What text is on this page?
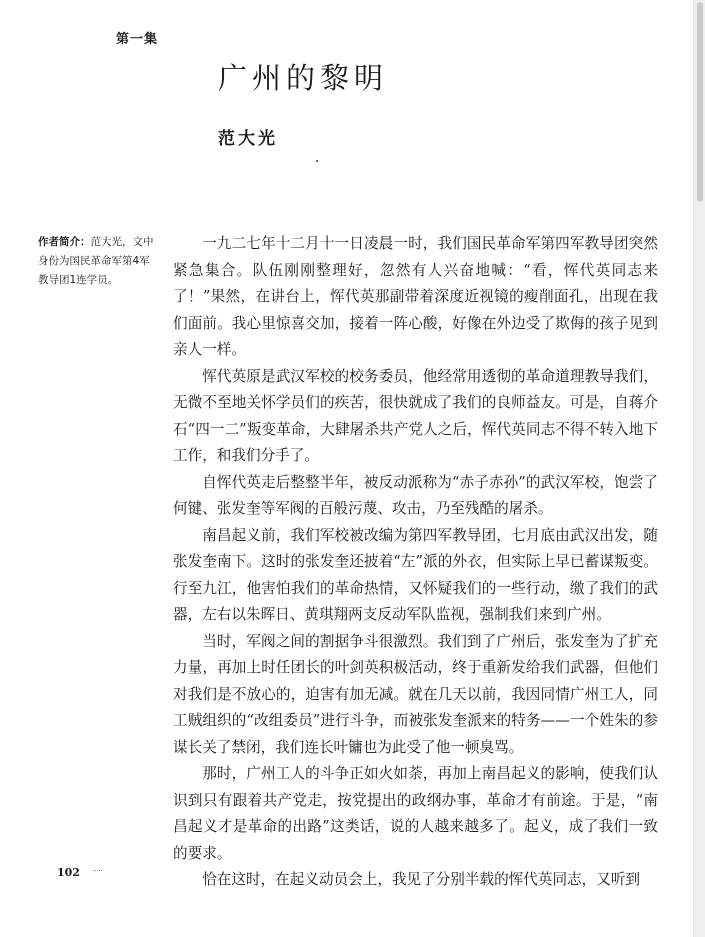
第一集
广州的黎明
范大光
作者简介：范大光，文中身份为国民革命军第4军教导团1连学员。

一九二七年十二月十一日凌晨一时，我们国民革命军第四军教导团突然紧急集合。队伍刚刚整理好，忽然有人兴奋地喊：“看，恽代英同志来了！”果然，在讲台上，恽代英那副带着深度近视镜的瘦削面孔，出现在我们面前。我心里惊喜交加，接着一阵心酸，好像在外边受了欺侮的孩子见到亲人一样。

恽代英原是武汉军校的校务委员，他经常用透彻的革命道理教导我们，无微不至地关怀学员们的疾苦，很快就成了我们的良师益友。可是，自蒋介石“四一二”叛变革命，大肆屠杀共产党人之后，恽代英同志不得不转入地下工作，和我们分手了。

自恽代英走后整整半年，被反动派称为“赤子赤孙”的武汉军校，饱尝了何键、张发奎等军阀的百般污蔑、攻击，乃至残酷的屠杀。

南昌起义前，我们军校被改编为第四军教导团，七月底由武汉出发，随张发奎南下。这时的张发奎还披着“左”派的外衣，但实际上早已蓄谋叛变。行至九江，他害怕我们的革命热情，又怀疑我们的一些行动，缴了我们的武器，左右以朱晖日、黄琪翔两支反动军队监视，强制我们来到广州。

当时，军阀之间的割据争斗很激烈。我们到了广州后，张发奎为了扩充力量，再加上时任团长的叶剑英积极活动，终于重新发给我们武器，但他们对我们是不放心的，迫害有加无减。就在几天以前，我因同情广州工人，同工贼组织的“改组委员”进行斗争，而被张发奎派来的特务——一个姓朱的参谋长关了禁闭，我们连长叶镛也为此受了他一顿臭骂。

那时，广州工人的斗争正如火如荼，再加上南昌起义的影响，使我们认识到只有跟着共产党走，按党提出的政纲办事，革命才有前途。于是，“南昌起义才是革命的出路”这类话，说的人越来越多了。起义，成了我们一致的要求。

恰在这时，在起义动员会上，我见了分别半载的恽代英同志，又听到

102
